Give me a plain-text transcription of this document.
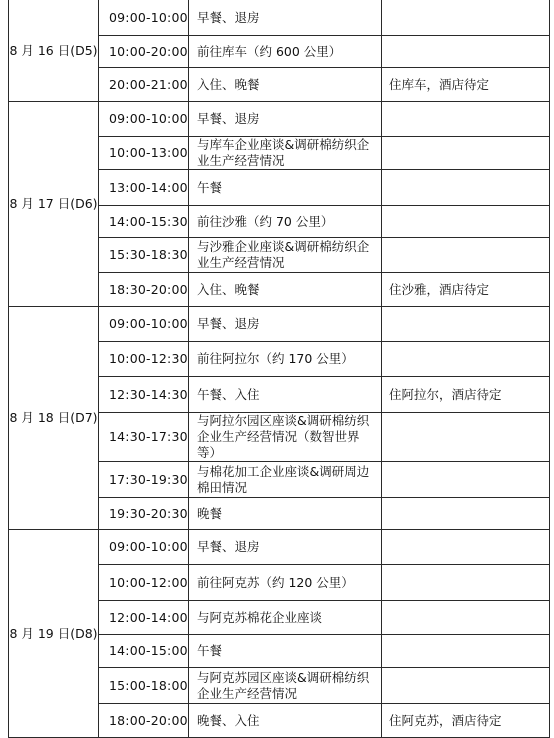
8 月 16 日(D5)	09:00-10:00	早餐、退房	
	10:00-20:00	前往库车（约 600 公里）	
	20:00-21:00	入住、晚餐	住库车，酒店待定
8 月 17 日(D6)	09:00-10:00	早餐、退房	
	10:00-13:00	与库车企业座谈&调研棉纺织企业生产经营情况	
	13:00-14:00	午餐	
	14:00-15:30	前往沙雅（约 70 公里）	
	15:30-18:30	与沙雅企业座谈&调研棉纺织企业生产经营情况	
	18:30-20:00	入住、晚餐	住沙雅，酒店待定
8 月 18 日(D7)	09:00-10:00	早餐、退房	
	10:00-12:30	前往阿拉尔（约 170 公里）	
	12:30-14:30	午餐、入住	住阿拉尔，酒店待定
	14:30-17:30	与阿拉尔园区座谈&调研棉纺织企业生产经营情况（数智世界等）	
	17:30-19:30	与棉花加工企业座谈&调研周边棉田情况	
	19:30-20:30	晚餐	
8 月 19 日(D8)	09:00-10:00	早餐、退房	
	10:00-12:00	前往阿克苏（约 120 公里）	
	12:00-14:00	与阿克苏棉花企业座谈	
	14:00-15:00	午餐	
	15:00-18:00	与阿克苏园区座谈&调研棉纺织企业生产经营情况	
	18:00-20:00	晚餐、入住	住阿克苏，酒店待定
